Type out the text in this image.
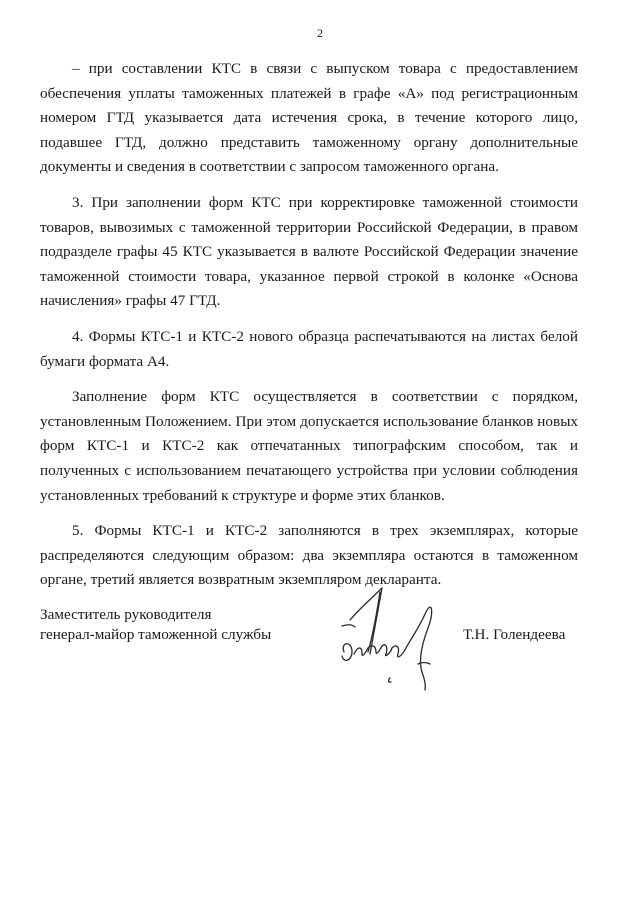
2

– при составлении КТС в связи с выпуском товара с предоставлением обеспечения уплаты таможенных платежей в графе «А» под регистрационным номером ГТД указывается дата истечения срока, в течение которого лицо, подавшее ГТД, должно представить таможенному органу дополнительные документы и сведения в соответствии с запросом таможенного органа.

3. При заполнении форм КТС при корректировке таможенной стоимости товаров, вывозимых с таможенной территории Российской Федерации, в правом подразделе графы 45 КТС указывается в валюте Российской Федерации значение таможенной стоимости товара, указанное первой строкой в колонке «Основа начисления» графы 47 ГТД.

4. Формы КТС-1 и КТС-2 нового образца распечатываются на листах белой бумаги формата А4.

Заполнение форм КТС осуществляется в соответствии с порядком, установленным Положением. При этом допускается использование бланков новых форм КТС-1 и КТС-2 как отпечатанных типографским способом, так и полученных с использованием печатающего устройства при условии соблюдения установленных требований к структуре и форме этих бланков.

5. Формы КТС-1 и КТС-2 заполняются в трех экземплярах, которые распределяются следующим образом: два экземпляра остаются в таможенном органе, третий является возвратным экземпляром декларанта.

Заместитель руководителя
генерал-майор таможенной службы	Т.Н. Голендеева
